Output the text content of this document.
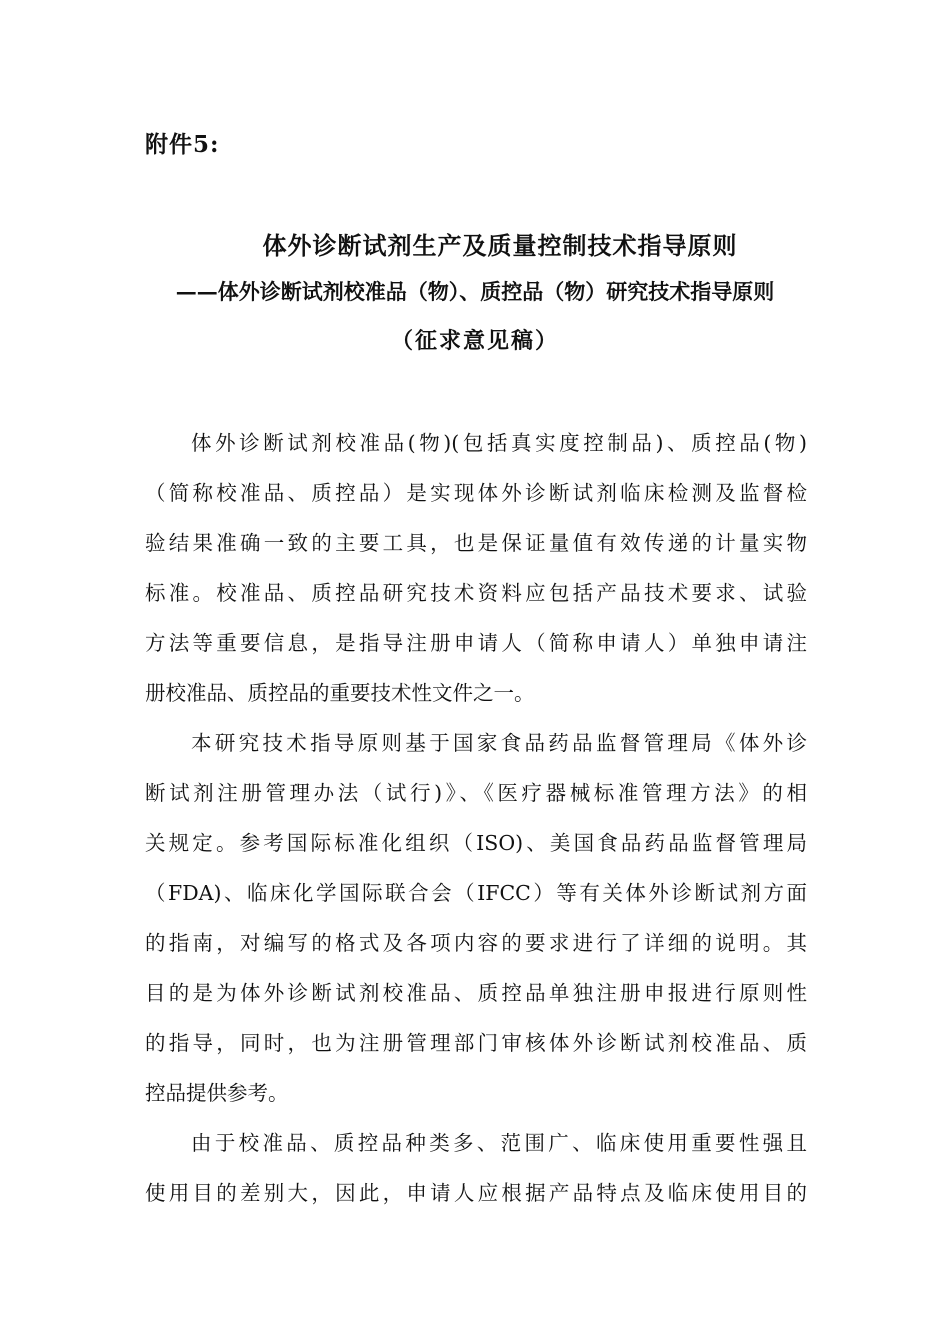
附件5:
体外诊断试剂生产及质量控制技术指导原则
——体外诊断试剂校准品（物）、质控品（物）研究技术指导原则
（征求意见稿）
体外诊断试剂校准品(物)(包括真实度控制品)、质控品(物)
（简称校准品、质控品）是实现体外诊断试剂临床检测及监督检
验结果准确一致的主要工具，也是保证量值有效传递的计量实物
标准。校准品、质控品研究技术资料应包括产品技术要求、试验
方法等重要信息，是指导注册申请人（简称申请人）单独申请注
册校准品、质控品的重要技术性文件之一。
本研究技术指导原则基于国家食品药品监督管理局《体外诊
断试剂注册管理办法（试行)》、《医疗器械标准管理方法》的相
关规定。参考国际标准化组织（ISO)、美国食品药品监督管理局
（FDA)、临床化学国际联合会（IFCC）等有关体外诊断试剂方面
的指南，对编写的格式及各项内容的要求进行了详细的说明。其
目的是为体外诊断试剂校准品、质控品单独注册申报进行原则性
的指导，同时，也为注册管理部门审核体外诊断试剂校准品、质
控品提供参考。
由于校准品、质控品种类多、范围广、临床使用重要性强且
使用目的差别大，因此，申请人应根据产品特点及临床使用目的
